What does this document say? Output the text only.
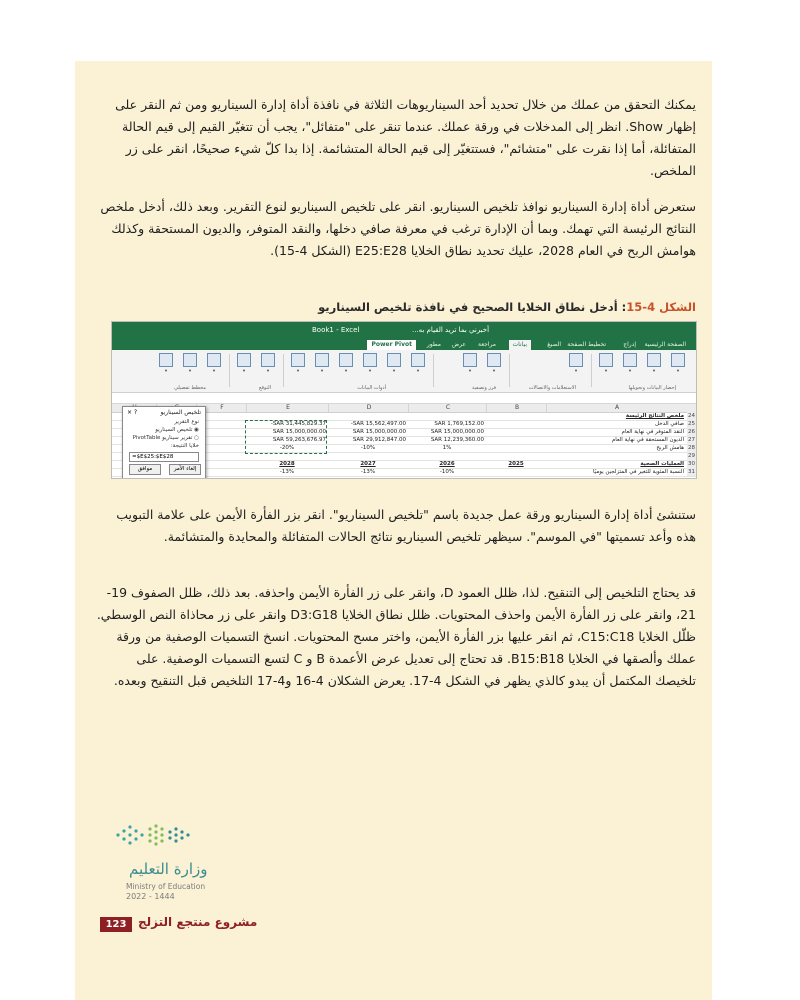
يمكنك التحقق من عملك من خلال تحديد أحد السيناريوهات الثلاثة في نافذة أداة إدارة السيناريو ومن ثم النقر على إظهار Show. انظر إلى المدخلات في ورقة عملك. عندما تنقر على "متفائل"، يجب أن تتغيّر القيم إلى قيم الحالة المتفائلة، أما إذا نقرت على "متشائم"، فستتغيّر إلى قيم الحالة المتشائمة. إذا بدا كلّ شيء صحيحًا، انقر على زر الملخص.

ستعرض أداة إدارة السيناريو نوافذ تلخيص السيناريو. انقر على تلخيص السيناريو لنوع التقرير. وبعد ذلك، أدخل ملخص النتائج الرئيسة التي تهمك. وبما أن الإدارة ترغب في معرفة صافي دخلها، والنقد المتوفر، والديون المستحقة وكذلك هوامش الربح في العام 2028، عليك تحديد نطاق الخلايا E25:E28 (الشكل 4-15).

الشكل 4-15: أدخل نطاق الخلايا الصحيح في نافذة تلخيص السيناريو

Book1 - Excel	أخبرني بما تريد القيام به...
الصفحة الرئيسية
إدراج
تخطيط الصفحة
الصيغ
بيانات
مراجعة
عرض
مطور
Power Pivot
▾
▾
▾
▾
▾
▾
▾
▾
▾
▾
▾
▾
▾
▾
▾
▾
▾
▾
إحضار البيانات وتحويلها
الاستعلامات والاتصالات
فرز وتصفية
أدوات البيانات
التوقع
مخطط تفصيلي
A
B
C
D
E
F
24
ملخص النتائج الرئيسة
25
صافي الدخل
SAR 1,769,152.00
-SAR 15,562,497.00
-SAR 31,445,829.37
26
النقد المتوفر في نهاية العام
SAR 15,000,000.00
SAR 15,000,000.00
SAR 15,000,000.00
27
الديون المستحقة في نهاية العام
SAR 12,239,360.00
SAR 29,912,847.00
SAR 59,263,676.97
28
هامش الربح
1%
-10%
-20%
29
30
العمليات الصحية
2025
2026
2027
2028
31
النسبة المئوية للتغير في المتزلجين يوميًا
-10%
-13%
-13%
تلخيص السيناريو
? ×
نوع التقرير
◉ تلخيص السيناريو
○ تقرير سيناريو PivotTable
خلايا النتيجة:
=$E$25:$E$28
إلغاء الأمر موافق

ستنشئ أداة إدارة السيناريو ورقة عمل جديدة باسم "تلخيص السيناريو". انقر بزر الفأرة الأيمن على علامة التبويب هذه وأعد تسميتها "في الموسم". سيظهر تلخيص السيناريو نتائج الحالات المتفائلة والمحايدة والمتشائمة.

قد يحتاج التلخيص إلى التنقيح. لذا، ظلل العمود D، وانقر على زر الفأرة الأيمن واحذفه. بعد ذلك، ظلل الصفوف 19-21، وانقر على زر الفأرة الأيمن واحذف المحتويات. ظلل نطاق الخلايا D3:G18 وانقر على زر محاذاة النص الوسطي. ظلّل الخلايا C15:C18، ثم انقر عليها بزر الفأرة الأيمن، واختر مسح المحتويات. انسخ التسميات الوصفية من ورقة عملك وألصقها في الخلايا B15:B18. قد تحتاج إلى تعديل عرض الأعمدة B و C لتسع التسميات الوصفية. على تلخيصك المكتمل أن يبدو كالذي يظهر في الشكل 4-17. يعرض الشكلان 4-16 و4-17 التلخيص قبل التنقيح وبعده.

وزارة التعليم
Ministry of Education
2022 - 1444
123 مشروع منتجع التزلج
